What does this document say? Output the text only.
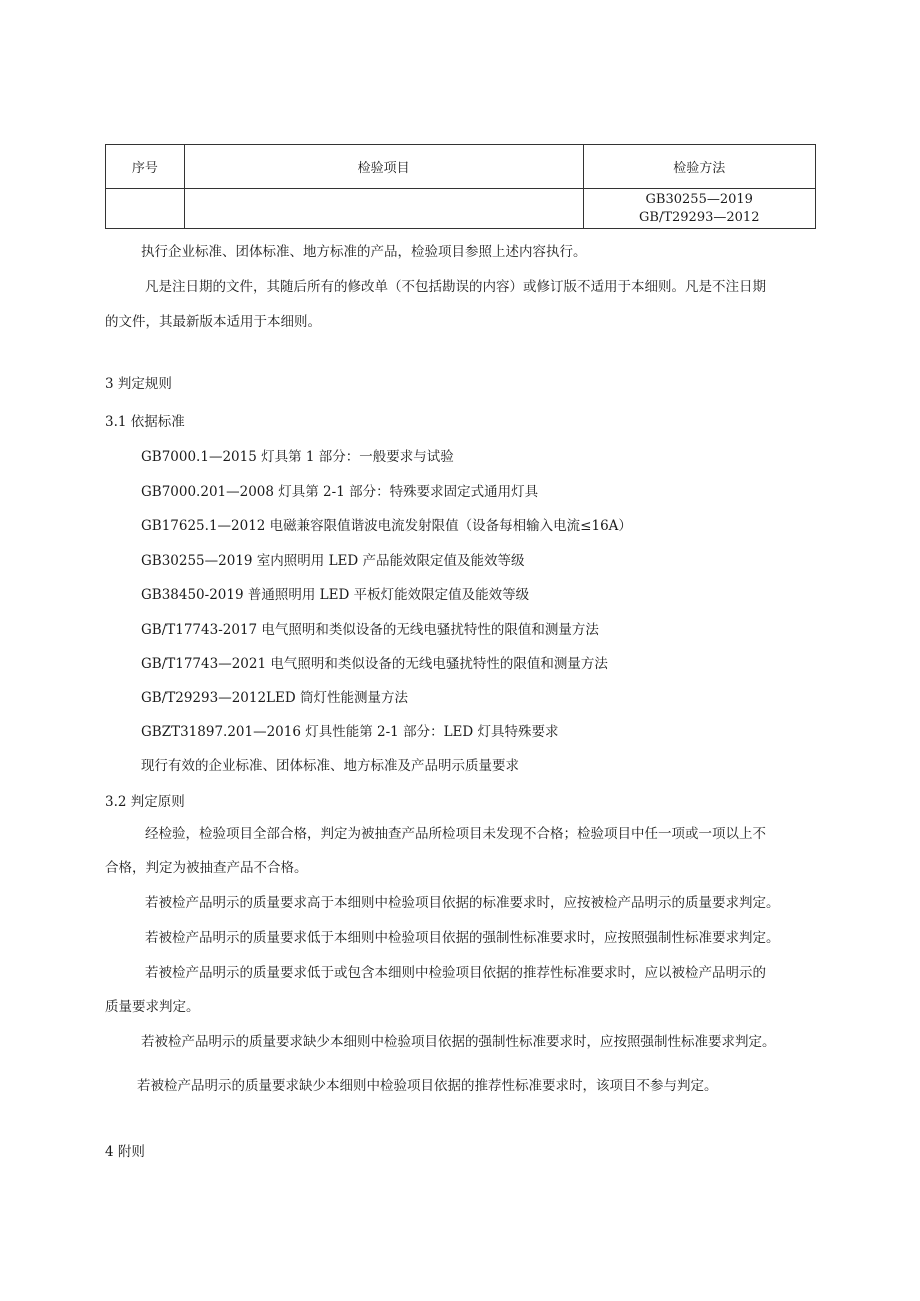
序号	检验项目	检验方法

		GB30255—2019
GB/T29293—2012
执行企业标准、团体标准、地方标准的产品，检验项目参照上述内容执行。
凡是注日期的文件，其随后所有的修改单（不包括勘误的内容）或修订版不适用于本细则。凡是不注日期
的文件，其最新版本适用于本细则。
3 判定规则
3.1 依据标准
GB7000.1—2015 灯具第 1 部分：一般要求与试验
GB7000.201—2008 灯具第 2-1 部分：特殊要求固定式通用灯具
GB17625.1—2012 电磁兼容限值谐波电流发射限值（设备每相输入电流≤16A）
GB30255—2019 室内照明用 LED 产品能效限定值及能效等级
GB38450-2019 普通照明用 LED 平板灯能效限定值及能效等级
GB/T17743-2017 电气照明和类似设备的无线电骚扰特性的限值和测量方法
GB/T17743—2021 电气照明和类似设备的无线电骚扰特性的限值和测量方法
GB/T29293—2012LED 筒灯性能测量方法
GBZT31897.201—2016 灯具性能第 2-1 部分：LED 灯具特殊要求
现行有效的企业标准、团体标准、地方标准及产品明示质量要求
3.2 判定原则
经检验，检验项目全部合格，判定为被抽查产品所检项目未发现不合格；检验项目中任一项或一项以上不
合格，判定为被抽查产品不合格。
若被检产品明示的质量要求高于本细则中检验项目依据的标准要求时，应按被检产品明示的质量要求判定。
若被检产品明示的质量要求低于本细则中检验项目依据的强制性标准要求时，应按照强制性标准要求判定。
若被检产品明示的质量要求低于或包含本细则中检验项目依据的推荐性标准要求时，应以被检产品明示的
质量要求判定。
若被检产品明示的质量要求缺少本细则中检验项目依据的强制性标准要求时，应按照强制性标准要求判定。
若被检产品明示的质量要求缺少本细则中检验项目依据的推荐性标准要求时，该项目不参与判定。
4 附则
